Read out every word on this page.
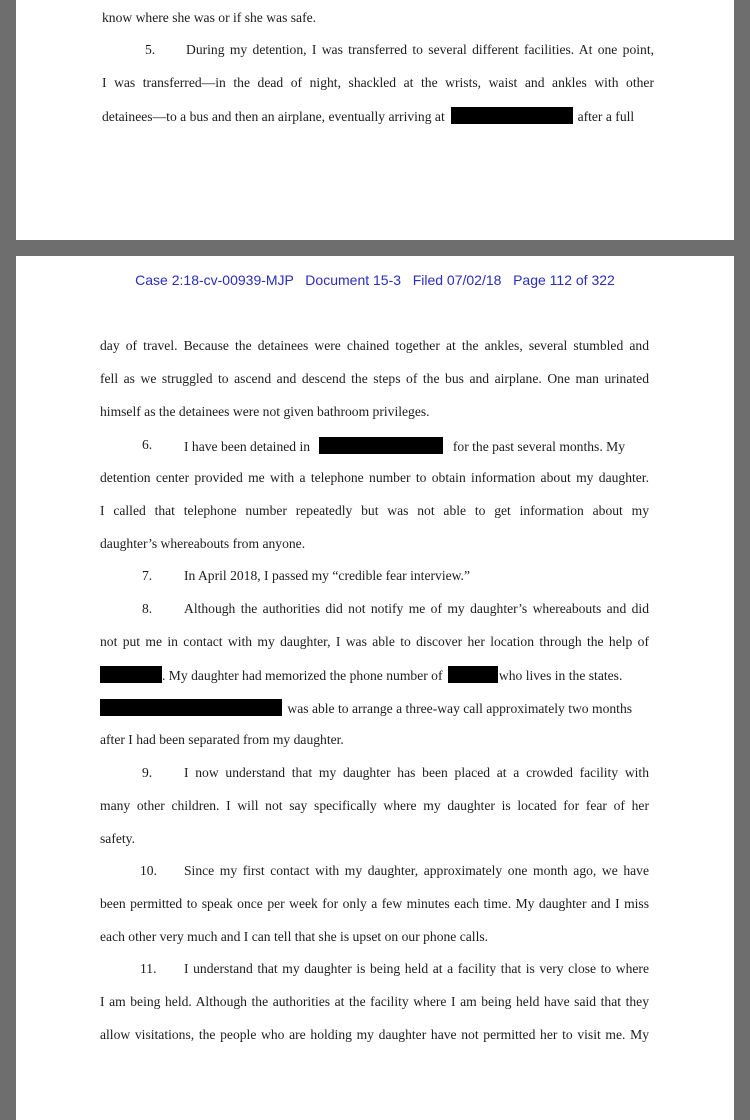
know where she was or if she was safe.
5. During my detention, I was transferred to several different facilities. At one point,
I was transferred—in the dead of night, shackled at the wrists, waist and ankles with other
detainees—to a bus and then an airplane, eventually arriving at	after a full
Case 2:18-cv-00939-MJP   Document 15-3   Filed 07/02/18   Page 112 of 322
day of travel. Because the detainees were chained together at the ankles, several stumbled and
fell as we struggled to ascend and descend the steps of the bus and airplane. One man urinated
himself as the detainees were not given bathroom privileges.
6. I have been detained in	for the past several months. My
detention center provided me with a telephone number to obtain information about my daughter.
I called that telephone number repeatedly but was not able to get information about my
daughter’s whereabouts from anyone.
7. In April 2018, I passed my “credible fear interview.”
8. Although the authorities did not notify me of my daughter’s whereabouts and did
not put me in contact with my daughter, I was able to discover her location through the help of
. My daughter had memorized the phone number of	who lives in the states.
was able to arrange a three-way call approximately two months
after I had been separated from my daughter.
9. I now understand that my daughter has been placed at a crowded facility with
many other children. I will not say specifically where my daughter is located for fear of her
safety.
10. Since my first contact with my daughter, approximately one month ago, we have
been permitted to speak once per week for only a few minutes each time. My daughter and I miss
each other very much and I can tell that she is upset on our phone calls.
11. I understand that my daughter is being held at a facility that is very close to where
I am being held. Although the authorities at the facility where I am being held have said that they
allow visitations, the people who are holding my daughter have not permitted her to visit me. My
